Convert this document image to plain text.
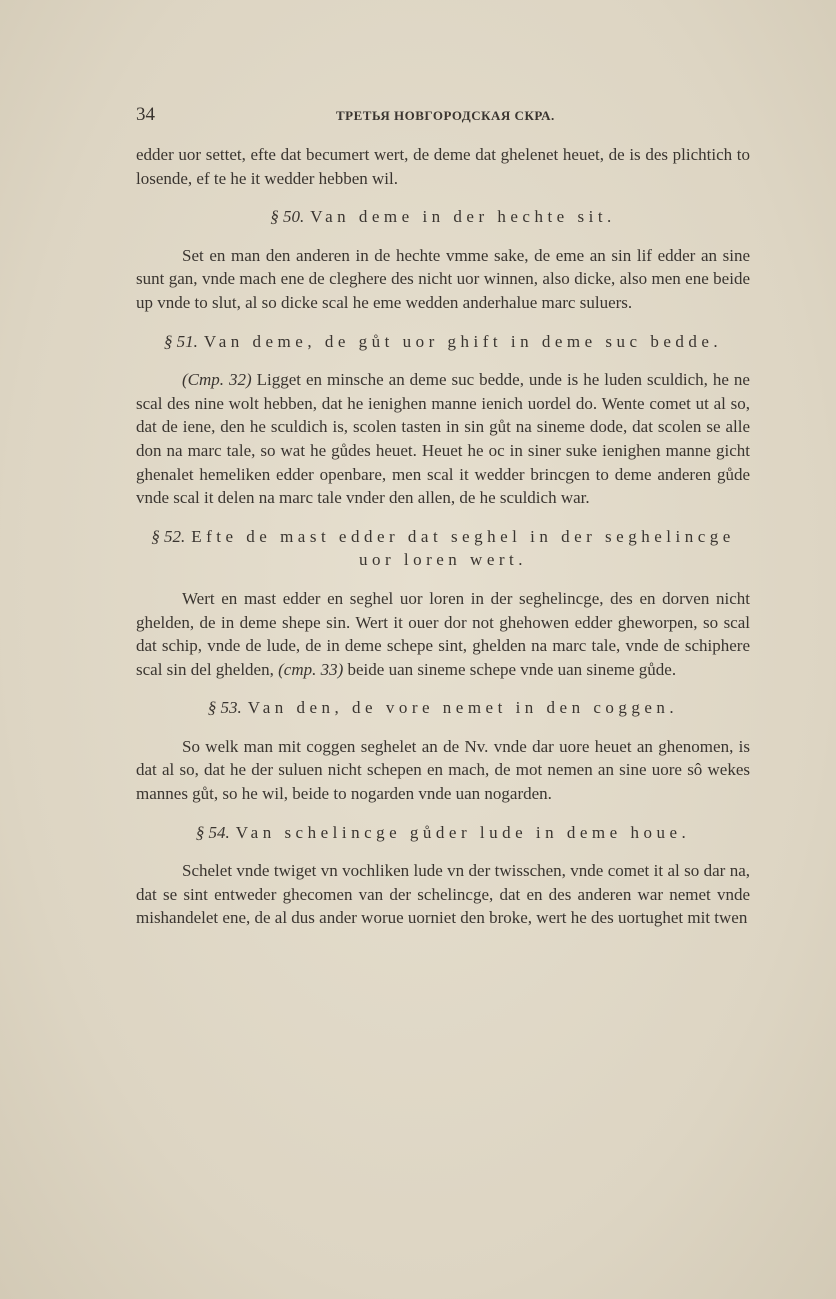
34	ТРЕТЬЯ НОВГОРОДСКАЯ СКРА.

edder uor settet, efte dat becumert wert, de deme dat ghelenet heuet, de is des plichtich to losende, ef te he it wedder hebben wil.

§ 50. Van deme in der hechte sit.

Set en man den anderen in de hechte vmme sake, de eme an sin lif edder an sine sunt gan, vnde mach ene de cleghere des nicht uor winnen, also dicke, also men ene beide up vnde to slut, al so dicke scal he eme wedden anderhalue marc suluers.

§ 51. Van deme, de gůt uor ghift in deme suc bedde.

(Cmp. 32) Ligget en minsche an deme suc bedde, unde is he luden sculdich, he ne scal des nine wolt hebben, dat he ienighen manne ienich uordel do. Wente comet ut al so, dat de iene, den he sculdich is, scolen tasten in sin gůt na sineme dode, dat scolen se alle don na marc tale, so wat he gůdes heuet. Heuet he oc in siner suke ienighen manne gicht ghenalet hemeliken edder openbare, men scal it wedder brincgen to deme anderen gůde vnde scal it delen na marc tale vnder den allen, de he sculdich war.

§ 52. Efte de mast edder dat seghel in der seghelincge uor loren wert.

Wert en mast edder en seghel uor loren in der seghelincge, des en dorven nicht ghelden, de in deme shepe sin. Wert it ouer dor not ghehowen edder gheworpen, so scal dat schip, vnde de lude, de in deme schepe sint, ghelden na marc tale, vnde de schiphere scal sin del ghelden, (cmp. 33) beide uan sineme schepe vnde uan sineme gůde.

§ 53. Van den, de vore nemet in den coggen.

So welk man mit coggen seghelet an de Nv. vnde dar uore heuet an ghenomen, is dat al so, dat he der suluen nicht schepen en mach, de mot nemen an sine uore sô wekes mannes gůt, so he wil, beide to nogarden vnde uan nogarden.

§ 54. Van schelincge gůder lude in deme houe.

Schelet vnde twiget vn vochliken lude vn der twisschen, vnde comet it al so dar na, dat se sint entweder ghecomen van der schelincge, dat en des anderen war nemet vnde mishandelet ene, de al dus ander worue uorniet den broke, wert he des uortughet mit twen
